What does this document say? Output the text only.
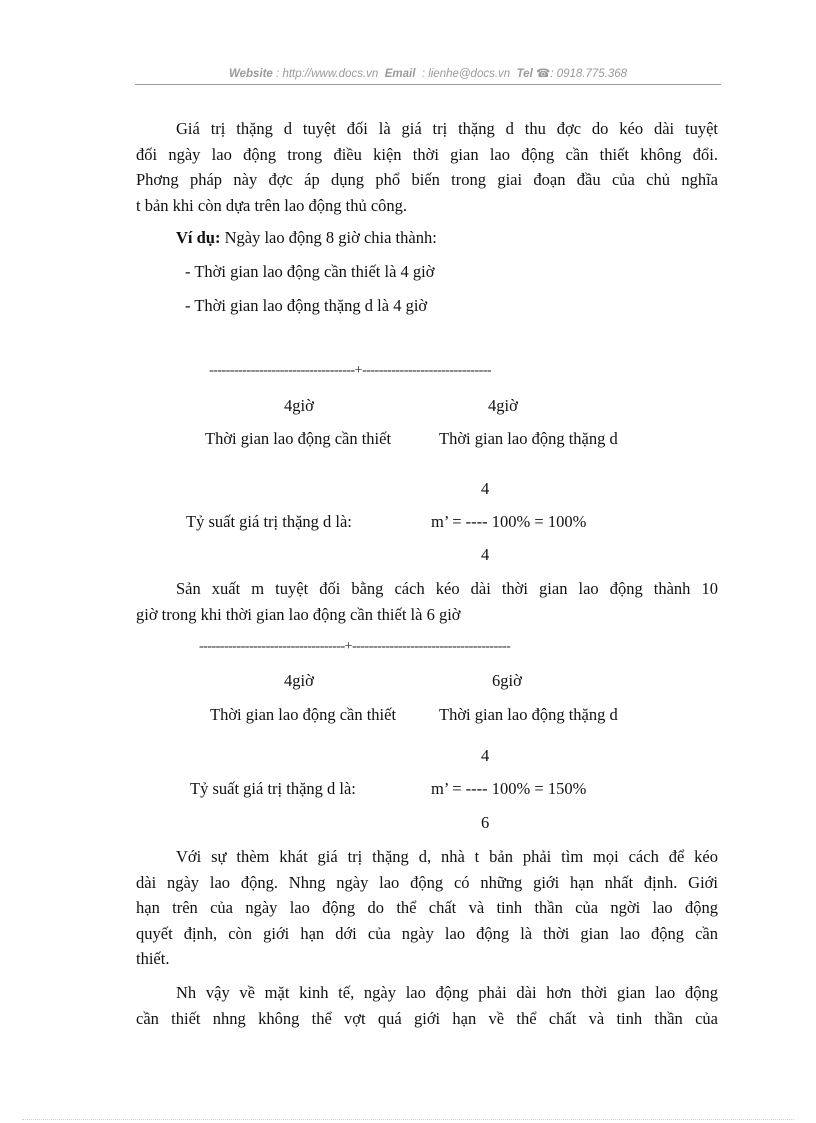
Website : http://www.docs.vn Email : lienhe@docs.vn Tel ☎: 0918.775.368
Giá trị thặng d tuyệt đối là giá trị thặng d thu đợc do kéo dài tuyệt
đối ngày lao động trong điều kiện thời gian lao động cần thiết không đổi.
Phơng pháp này đợc áp dụng phổ biến trong giai đoạn đầu của chủ nghĩa
t bản khi còn dựa trên lao động thủ công.
Ví dụ: Ngày lao động 8 giờ chia thành:
- Thời gian lao động cần thiết là 4 giờ
- Thời gian lao động thặng d là 4 giờ
-----------------------------------+-------------------------------
4giờ	4giờ
Thời gian lao động cần thiết	Thời gian lao động thặng d
4
Tỷ suất giá trị thặng d là:	m’ = ---- 100% = 100%
4
Sản xuất m tuyệt đối bằng cách kéo dài thời gian lao động thành 10
giờ trong khi thời gian lao động cần thiết là 6 giờ
-----------------------------------+--------------------------------------
4giờ	6giờ
Thời gian lao động cần thiết	Thời gian lao động thặng d
4
Tỷ suất giá trị thặng d là:	m’ = ---- 100% = 150%
6
Với sự thèm khát giá trị thặng d, nhà t bản phải tìm mọi cách để kéo
dài ngày lao động. Nhng ngày lao động có những giới hạn nhất định. Giới
hạn trên của ngày lao động do thể chất và tinh thần của ngời lao động
quyết định, còn giới hạn dới của ngày lao động là thời gian lao động cần
thiết.
Nh vậy về mặt kinh tế, ngày lao động phải dài hơn thời gian lao động
cần thiết nhng không thể vợt quá giới hạn về thể chất và tinh thần của
